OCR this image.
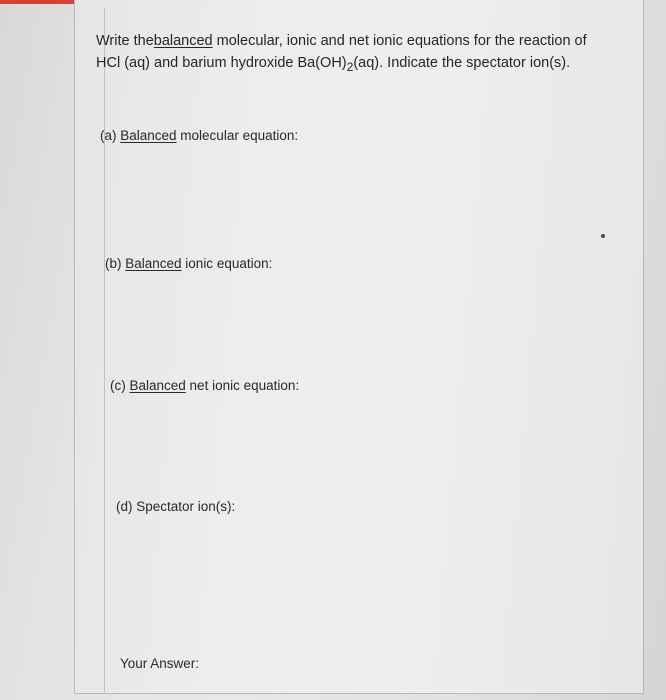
Write thebalanced molecular, ionic and net ionic equations for the reaction of HCl (aq) and barium hydroxide $Ba(OH)_2(aq)$. Indicate the spectator ion(s).
(a) Balanced molecular equation:
(b) Balanced ionic equation:
(c) Balanced net ionic equation:
(d) Spectator ion(s):
Your Answer:
